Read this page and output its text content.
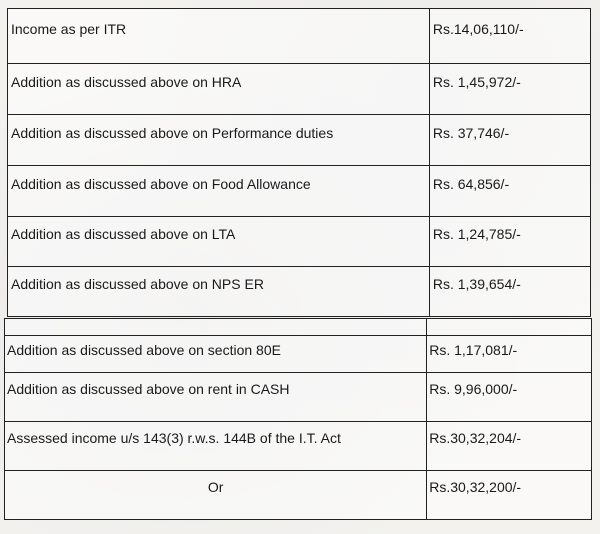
Income as per ITR	Rs.14,06,110/-
Addition as discussed above on HRA	Rs. 1,45,972/-
Addition as discussed above on Performance duties	Rs. 37,746/-
Addition as discussed above on Food Allowance	Rs. 64,856/-
Addition as discussed above on LTA	Rs. 1,24,785/-
Addition as discussed above on NPS ER	Rs. 1,39,654/-

Addition as discussed above on section 80E	Rs. 1,17,081/-
Addition as discussed above on rent in CASH	Rs. 9,96,000/-
Assessed income u/s 143(3) r.w.s. 144B of the I.T. Act	Rs.30,32,204/-
Or	Rs.30,32,200/-
